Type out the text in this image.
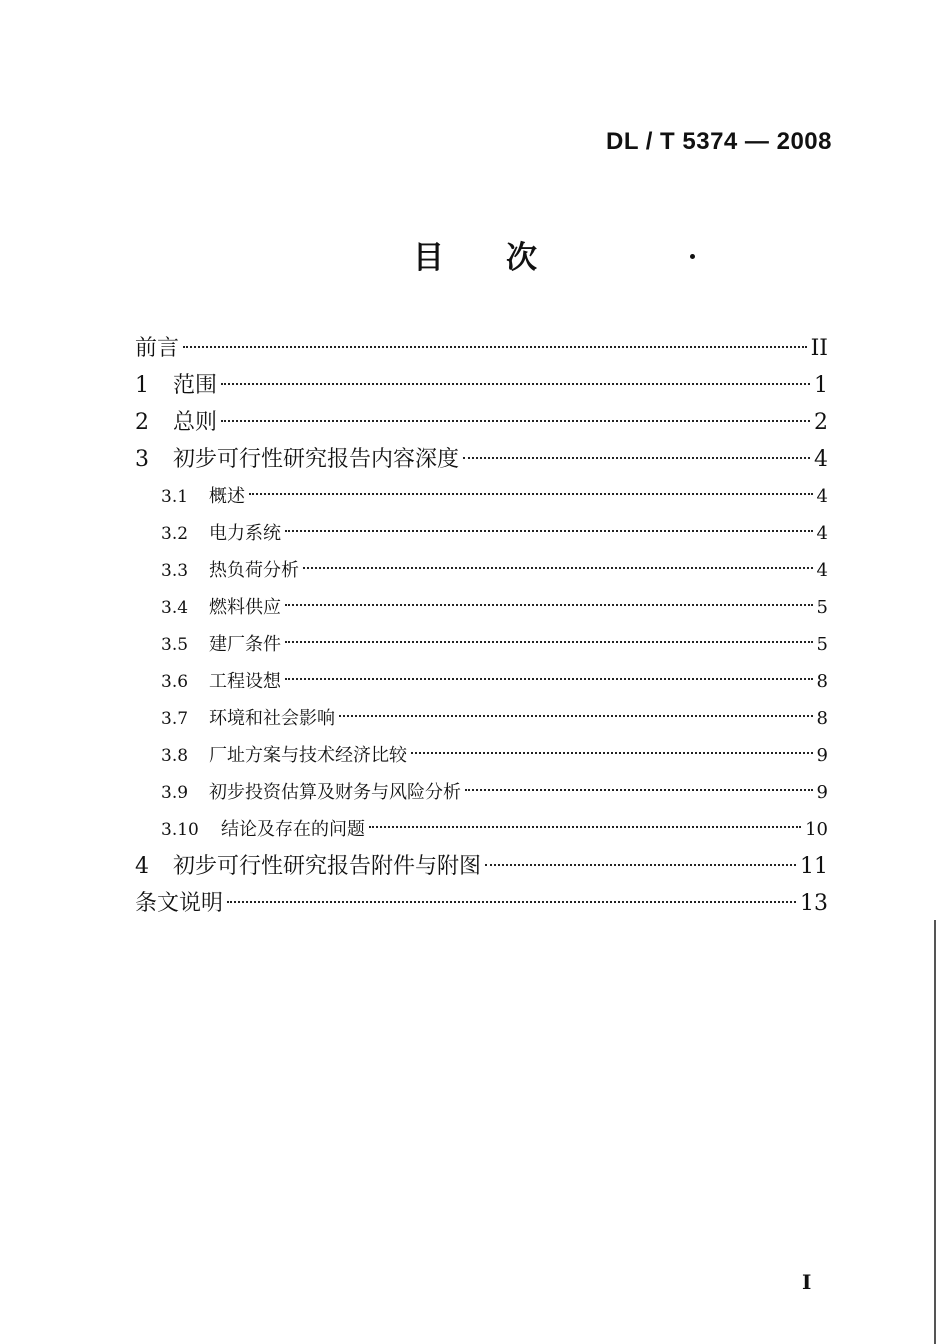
DL / T 5374 — 2008
目次
前言	II
1	范围	1
2	总则	2
3	初步可行性研究报告内容深度	4
3.1	概述	4
3.2	电力系统	4
3.3	热负荷分析	4
3.4	燃料供应	5
3.5	建厂条件	5
3.6	工程设想	8
3.7	环境和社会影响	8
3.8	厂址方案与技术经济比较	9
3.9	初步投资估算及财务与风险分析	9
3.10	结论及存在的问题	10
4	初步可行性研究报告附件与附图	11
条文说明	13
I
